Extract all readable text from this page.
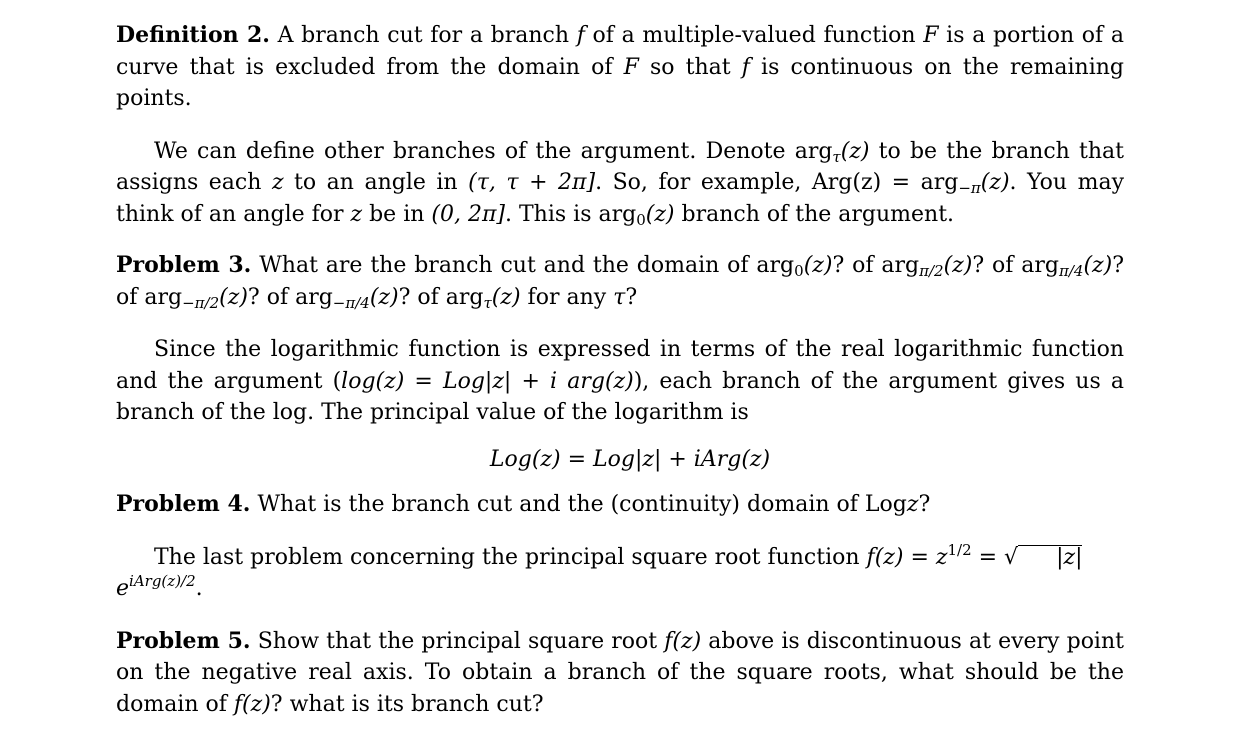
Definition 2. A branch cut for a branch f of a multiple-valued function F is a portion of a curve that is excluded from the domain of F so that f is continuous on the remaining points.

We can define other branches of the argument. Denote arg$_\tau$(z) to be the branch that assigns each z to an angle in (τ, τ + 2π]. So, for example, Arg(z) = arg$_{-\pi}$(z). You may think of an angle for z be in (0, 2π]. This is arg$_0$(z) branch of the argument.

Problem 3. What are the branch cut and the domain of arg$_0$(z)? of arg$_{\pi/2}$(z)? of arg$_{\pi/4}$(z)? of arg$_{-\pi/2}$(z)? of arg$_{-\pi/4}$(z)? of arg$_\tau$(z) for any τ?

Since the logarithmic function is expressed in terms of the real logarithmic function and the argument (log(z) = Log|z| + i arg(z)), each branch of the argument gives us a branch of the log. The principal value of the logarithm is

Log(z) = Log|z| + iArg(z)

Problem 4. What is the branch cut and the (continuity) domain of Logz?

The last problem concerning the principal square root function $f(z) = z^{1/2}$ = √ $|z|e^{iArg(z)/2}$.

Problem 5. Show that the principal square root f(z) above is discontinuous at every point on the negative real axis. To obtain a branch of the square roots, what should be the domain of f(z)? what is its branch cut?
